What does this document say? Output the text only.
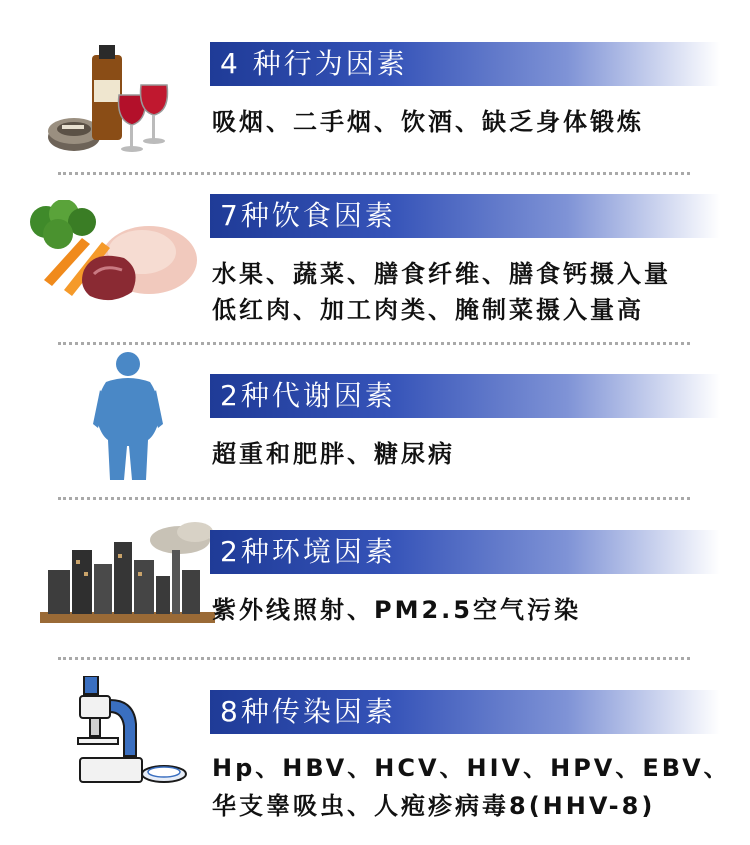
4 种行为因素
吸烟、二手烟、饮酒、缺乏身体锻炼
7种饮食因素
水果、蔬菜、膳食纤维、膳食钙摄入量
低红肉、加工肉类、腌制菜摄入量高
2种代谢因素
超重和肥胖、糖尿病
2种环境因素
紫外线照射、PM2.5空气污染
8种传染因素
Hp、HBV、HCV、HIV、HPV、EBV、
华支睾吸虫、人疱疹病毒8(HHV-8)
